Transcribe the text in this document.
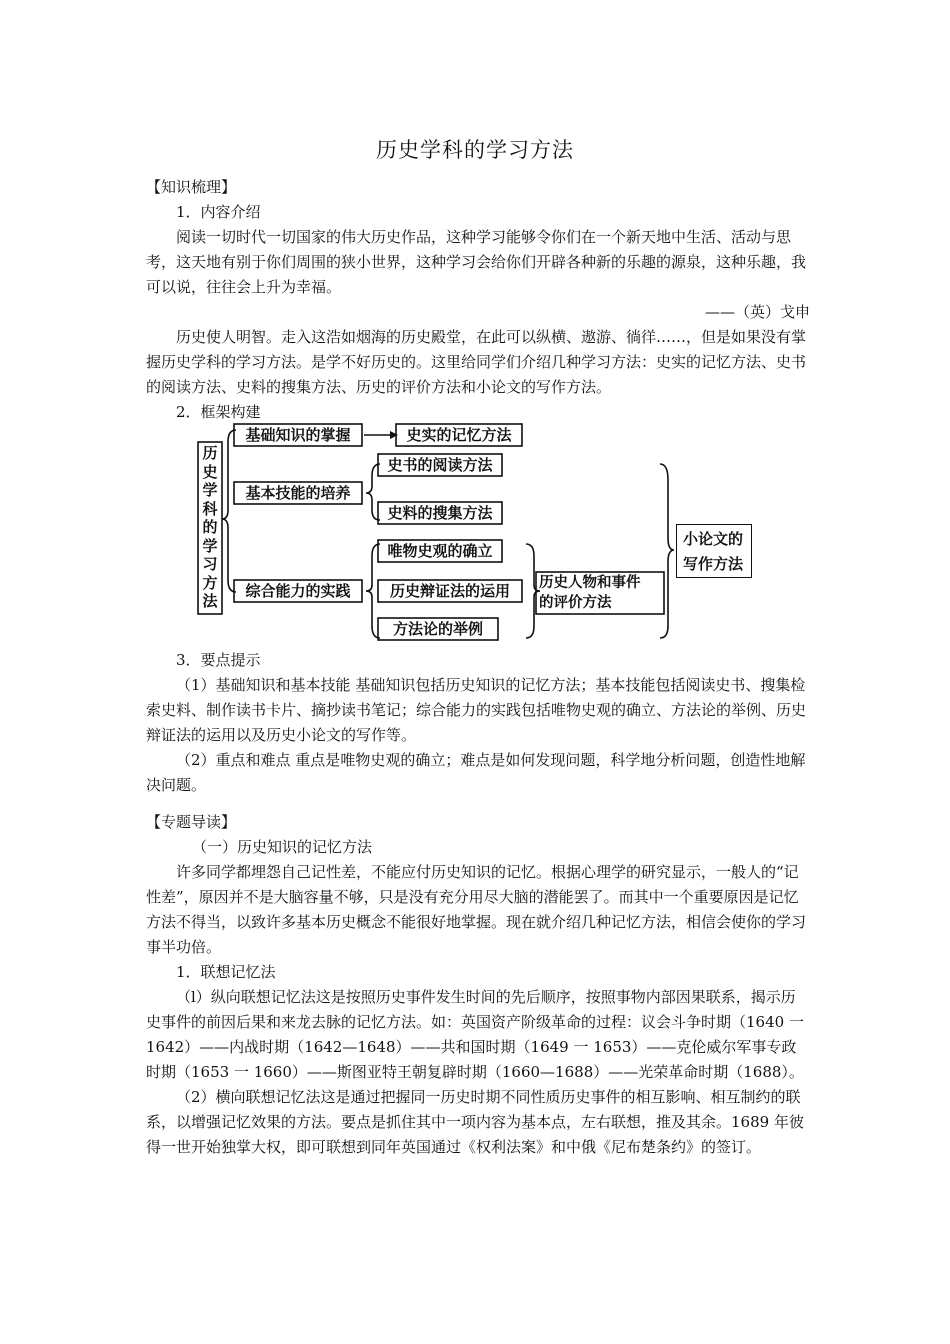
历史学科的学习方法

【知识梳理】

1．内容介绍

阅读一切时代一切国家的伟大历史作品，这种学习能够令你们在一个新天地中生活、活动与思考，这天地有别于你们周围的狭小世界，这种学习会给你们开辟各种新的乐趣的源泉，这种乐趣，我可以说，往往会上升为幸福。

——（英）戈申

历史使人明智。走入这浩如烟海的历史殿堂，在此可以纵横、遨游、徜徉……，但是如果没有掌握历史学科的学习方法。是学不好历史的。这里给同学们介绍几种学习方法：史实的记忆方法、史书的阅读方法、史料的搜集方法、历史的评价方法和小论文的写作方法。

2．框架构建

历
史
学
科
的
学
习
方
法
基础知识的掌握
基本技能的培养
综合能力的实践
史实的记忆方法
史书的阅读方法
史料的搜集方法
唯物史观的确立
历史辩证法的运用
方法论的举例
历史人物和事件
的评价方法
小论文的
写作方法

3．要点提示

（1）基础知识和基本技能 基础知识包括历史知识的记忆方法；基本技能包括阅读史书、搜集检索史料、制作读书卡片、摘抄读书笔记；综合能力的实践包括唯物史观的确立、方法论的举例、历史辩证法的运用以及历史小论文的写作等。

（2）重点和难点 重点是唯物史观的确立；难点是如何发现问题，科学地分析问题，创造性地解决问题。

【专题导读】

（一）历史知识的记忆方法

许多同学都埋怨自己记性差，不能应付历史知识的记忆。根据心理学的研究显示，一般人的“记性差”，原因并不是大脑容量不够，只是没有充分用尽大脑的潜能罢了。而其中一个重要原因是记忆方法不得当，以致许多基本历史概念不能很好地掌握。现在就介绍几种记忆方法，相信会使你的学习事半功倍。

1．联想记忆法

（l）纵向联想记忆法这是按照历史事件发生时间的先后顺序，按照事物内部因果联系，揭示历史事件的前因后果和来龙去脉的记忆方法。如：英国资产阶级革命的过程：议会斗争时期（1640 一 1642）——内战时期（1642—1648）——共和国时期（1649 一 1653）——克伦威尔军事专政时期（1653 一 1660）——斯图亚特王朝复辟时期（1660—1688）——光荣革命时期（1688）。

（2）横向联想记忆法这是通过把握同一历史时期不同性质历史事件的相互影响、相互制约的联系，以增强记忆效果的方法。要点是抓住其中一项内容为基本点，左右联想，推及其余。1689 年彼得一世开始独掌大权，即可联想到同年英国通过《权利法案》和中俄《尼布楚条约》的签订。
